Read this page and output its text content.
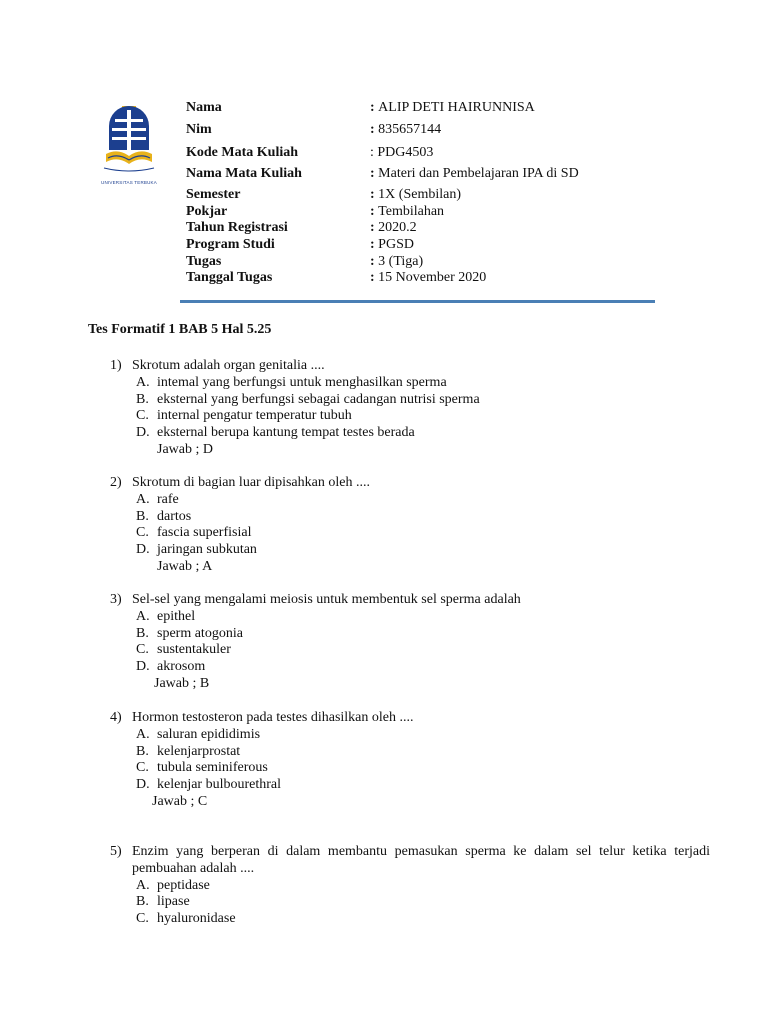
UNIVERSITAS TERBUKA
Nama	: ALIP DETI HAIRUNNISA
Nim	: 835657144
Kode Mata Kuliah	: PDG4503
Nama Mata Kuliah	: Materi dan Pembelajaran IPA di SD
Semester	: 1X (Sembilan)
Pokjar	: Tembilahan
Tahun Registrasi	: 2020.2
Program Studi	: PGSD
Tugas	: 3 (Tiga)
Tanggal Tugas	: 15 November 2020
Tes Formatif 1 BAB 5 Hal 5.25
1) Skrotum adalah organ genitalia ....
A. intemal yang berfungsi untuk menghasilkan sperma
B. eksternal yang berfungsi sebagai cadangan nutrisi sperma
C. internal pengatur temperatur tubuh
D. eksternal berupa kantung tempat testes berada
Jawab ; D
2) Skrotum di bagian luar dipisahkan oleh ....
A. rafe
B. dartos
C. fascia superfisial
D. jaringan subkutan
Jawab ; A
3) Sel-sel yang mengalami meiosis untuk membentuk sel sperma adalah
A. epithel
B. sperm atogonia
C. sustentakuler
D. akrosom
Jawab ; B
4) Hormon testosteron pada testes dihasilkan oleh ....
A. saluran epididimis
B. kelenjarprostat
C. tubula seminiferous
D. kelenjar bulbourethral
Jawab ; C
5) Enzim yang berperan di dalam membantu pemasukan sperma ke dalam sel telur ketika terjadi pembuahan adalah ....
A. peptidase
B. lipase
C. hyaluronidase
